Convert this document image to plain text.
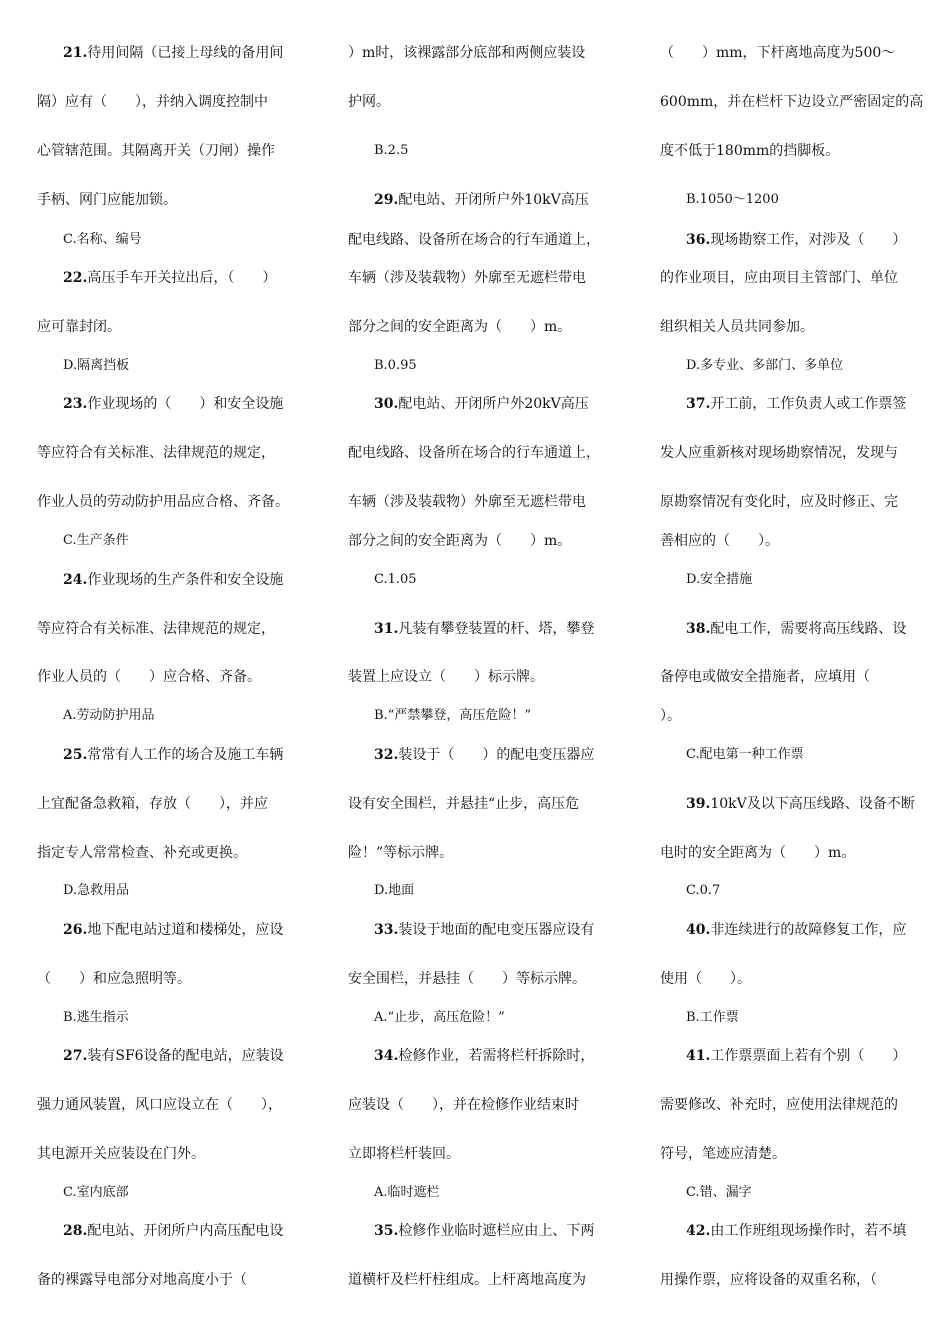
21.待用间隔（已接上母线的备用间
隔）应有（　　），并纳入调度控制中
心管辖范围。其隔离开关（刀闸）操作
手柄、网门应能加锁。
C.名称、编号
22.高压手车开关拉出后，（　　）
应可靠封闭。
D.隔离挡板
23.作业现场的（　　）和安全设施
等应符合有关标准、法律规范的规定，
作业人员的劳动防护用品应合格、齐备。
C.生产条件
24.作业现场的生产条件和安全设施
等应符合有关标准、法律规范的规定，
作业人员的（　　）应合格、齐备。
A.劳动防护用品
25.常常有人工作的场合及施工车辆
上宜配备急救箱，存放（　　），并应
指定专人常常检查、补充或更换。
D.急救用品
26.地下配电站过道和楼梯处，应设
（　　）和应急照明等。
B.逃生指示
27.装有SF6设备的配电站，应装设
强力通风装置，风口应设立在（　　），
其电源开关应装设在门外。
C.室内底部
28.配电站、开闭所户内高压配电设
备的裸露导电部分对地高度小于（
）m时，该裸露部分底部和两侧应装设
护网。
B.2.5
29.配电站、开闭所户外10kV高压
配电线路、设备所在场合的行车通道上，
车辆（涉及装载物）外廓至无遮栏带电
部分之间的安全距离为（　　）m。
B.0.95
30.配电站、开闭所户外20kV高压
配电线路、设备所在场合的行车通道上，
车辆（涉及装载物）外廓至无遮栏带电
部分之间的安全距离为（　　）m。
C.1.05
31.凡装有攀登装置的杆、塔，攀登
装置上应设立（　　）标示牌。
B.“严禁攀登，高压危险！”
32.装设于（　　）的配电变压器应
设有安全围栏，并悬挂“止步，高压危
险！”等标示牌。
D.地面
33.装设于地面的配电变压器应设有
安全围栏，并悬挂（　　）等标示牌。
A.“止步，高压危险！”
34.检修作业，若需将栏杆拆除时，
应装设（　　），并在检修作业结束时
立即将栏杆装回。
A.临时遮栏
35.检修作业临时遮栏应由上、下两
道横杆及栏杆柱组成。上杆离地高度为
（　　）mm，下杆离地高度为500～
600mm，并在栏杆下边设立严密固定的高
度不低于180mm的挡脚板。
B.1050～1200
36.现场勘察工作，对涉及（　　）
的作业项目，应由项目主管部门、单位
组织相关人员共同参加。
D.多专业、多部门、多单位
37.开工前，工作负责人或工作票签
发人应重新核对现场勘察情况，发现与
原勘察情况有变化时，应及时修正、完
善相应的（　　）。
D.安全措施
38.配电工作，需要将高压线路、设
备停电或做安全措施者，应填用（
）。
C.配电第一种工作票
39.10kV及以下高压线路、设备不断
电时的安全距离为（　　）m。
C.0.7
40.非连续进行的故障修复工作，应
使用（　　）。
B.工作票
41.工作票票面上若有个别（　　）
需要修改、补充时，应使用法律规范的
符号，笔迹应清楚。
C.错、漏字
42.由工作班组现场操作时，若不填
用操作票，应将设备的双重名称，（
